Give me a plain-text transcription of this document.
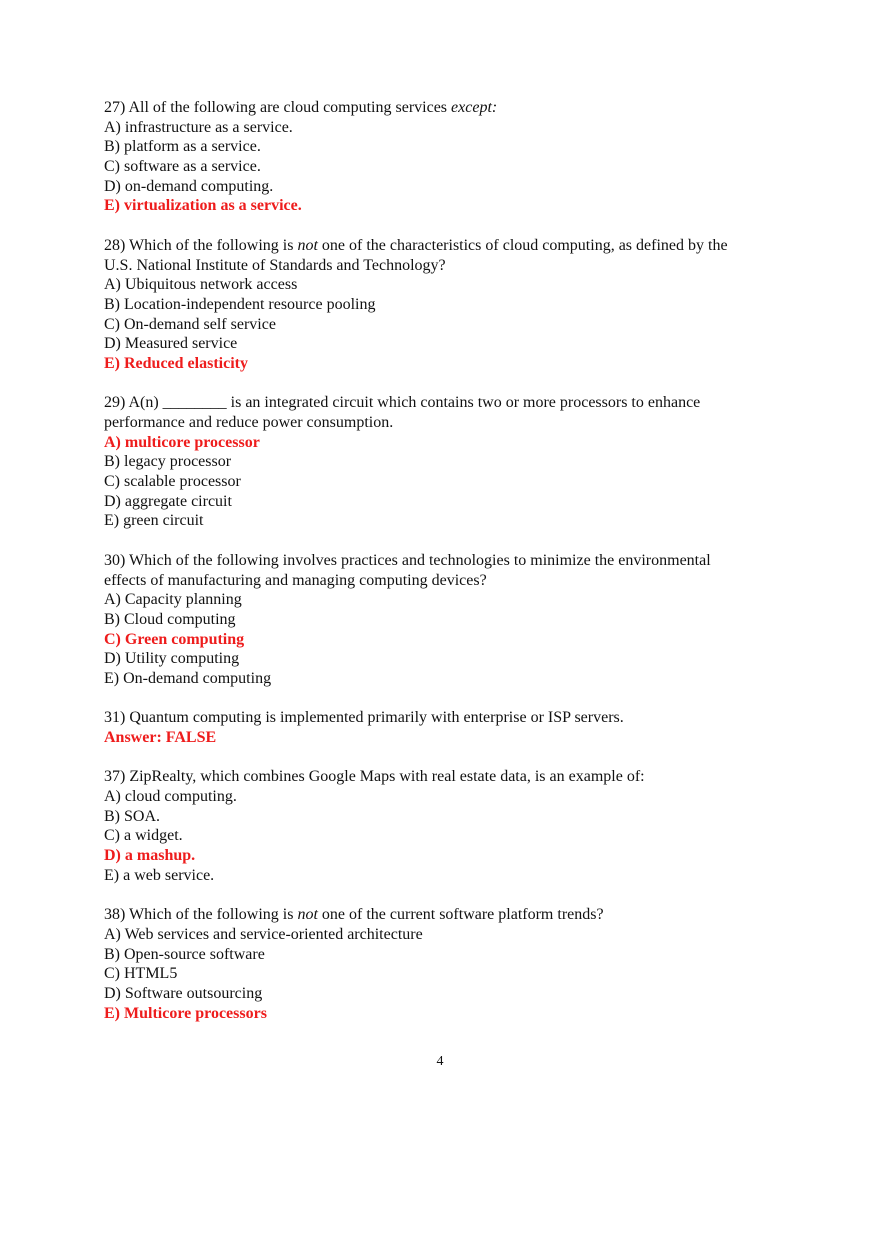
27) All of the following are cloud computing services except:
A) infrastructure as a service.
B) platform as a service.
C) software as a service.
D) on-demand computing.
E) virtualization as a service.
28) Which of the following is not one of the characteristics of cloud computing, as defined by the
U.S. National Institute of Standards and Technology?
A) Ubiquitous network access
B) Location-independent resource pooling
C) On-demand self service
D) Measured service
E) Reduced elasticity
29) A(n) ________ is an integrated circuit which contains two or more processors to enhance
performance and reduce power consumption.
A) multicore processor
B) legacy processor
C) scalable processor
D) aggregate circuit
E) green circuit
30) Which of the following involves practices and technologies to minimize the environmental
effects of manufacturing and managing computing devices?
A) Capacity planning
B) Cloud computing
C) Green computing
D) Utility computing
E) On-demand computing
31) Quantum computing is implemented primarily with enterprise or ISP servers.
Answer: FALSE
37) ZipRealty, which combines Google Maps with real estate data, is an example of:
A) cloud computing.
B) SOA.
C) a widget.
D) a mashup.
E) a web service.
38) Which of the following is not one of the current software platform trends?
A) Web services and service-oriented architecture
B) Open-source software
C) HTML5
D) Software outsourcing
E) Multicore processors
4
